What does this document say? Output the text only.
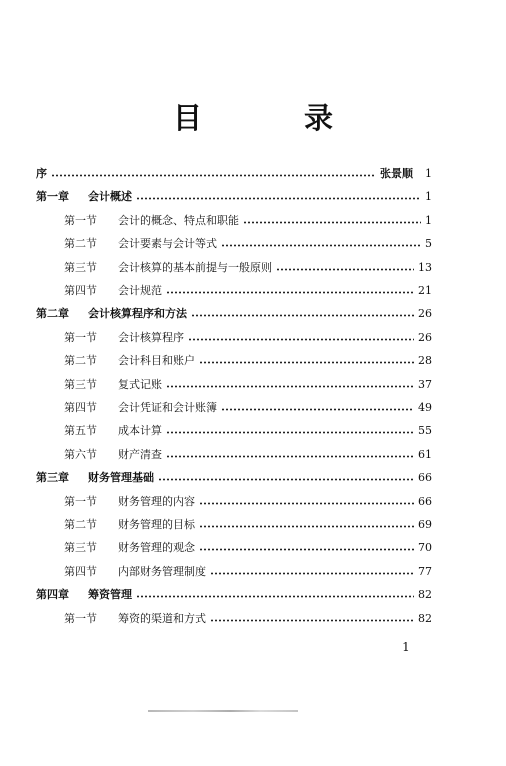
目 录
序	张景顺 1
第一章	会计概述	1
第一节	会计的概念、特点和职能	1
第二节	会计要素与会计等式	5
第三节	会计核算的基本前提与一般原则	13
第四节	会计规范	21
第二章	会计核算程序和方法	26
第一节	会计核算程序	26
第二节	会计科目和账户	28
第三节	复式记账	37
第四节	会计凭证和会计账簿	49
第五节	成本计算	55
第六节	财产清查	61
第三章	财务管理基础	66
第一节	财务管理的内容	66
第二节	财务管理的目标	69
第三节	财务管理的观念	70
第四节	内部财务管理制度	77
第四章	筹资管理	82
第一节	筹资的渠道和方式	82
1
